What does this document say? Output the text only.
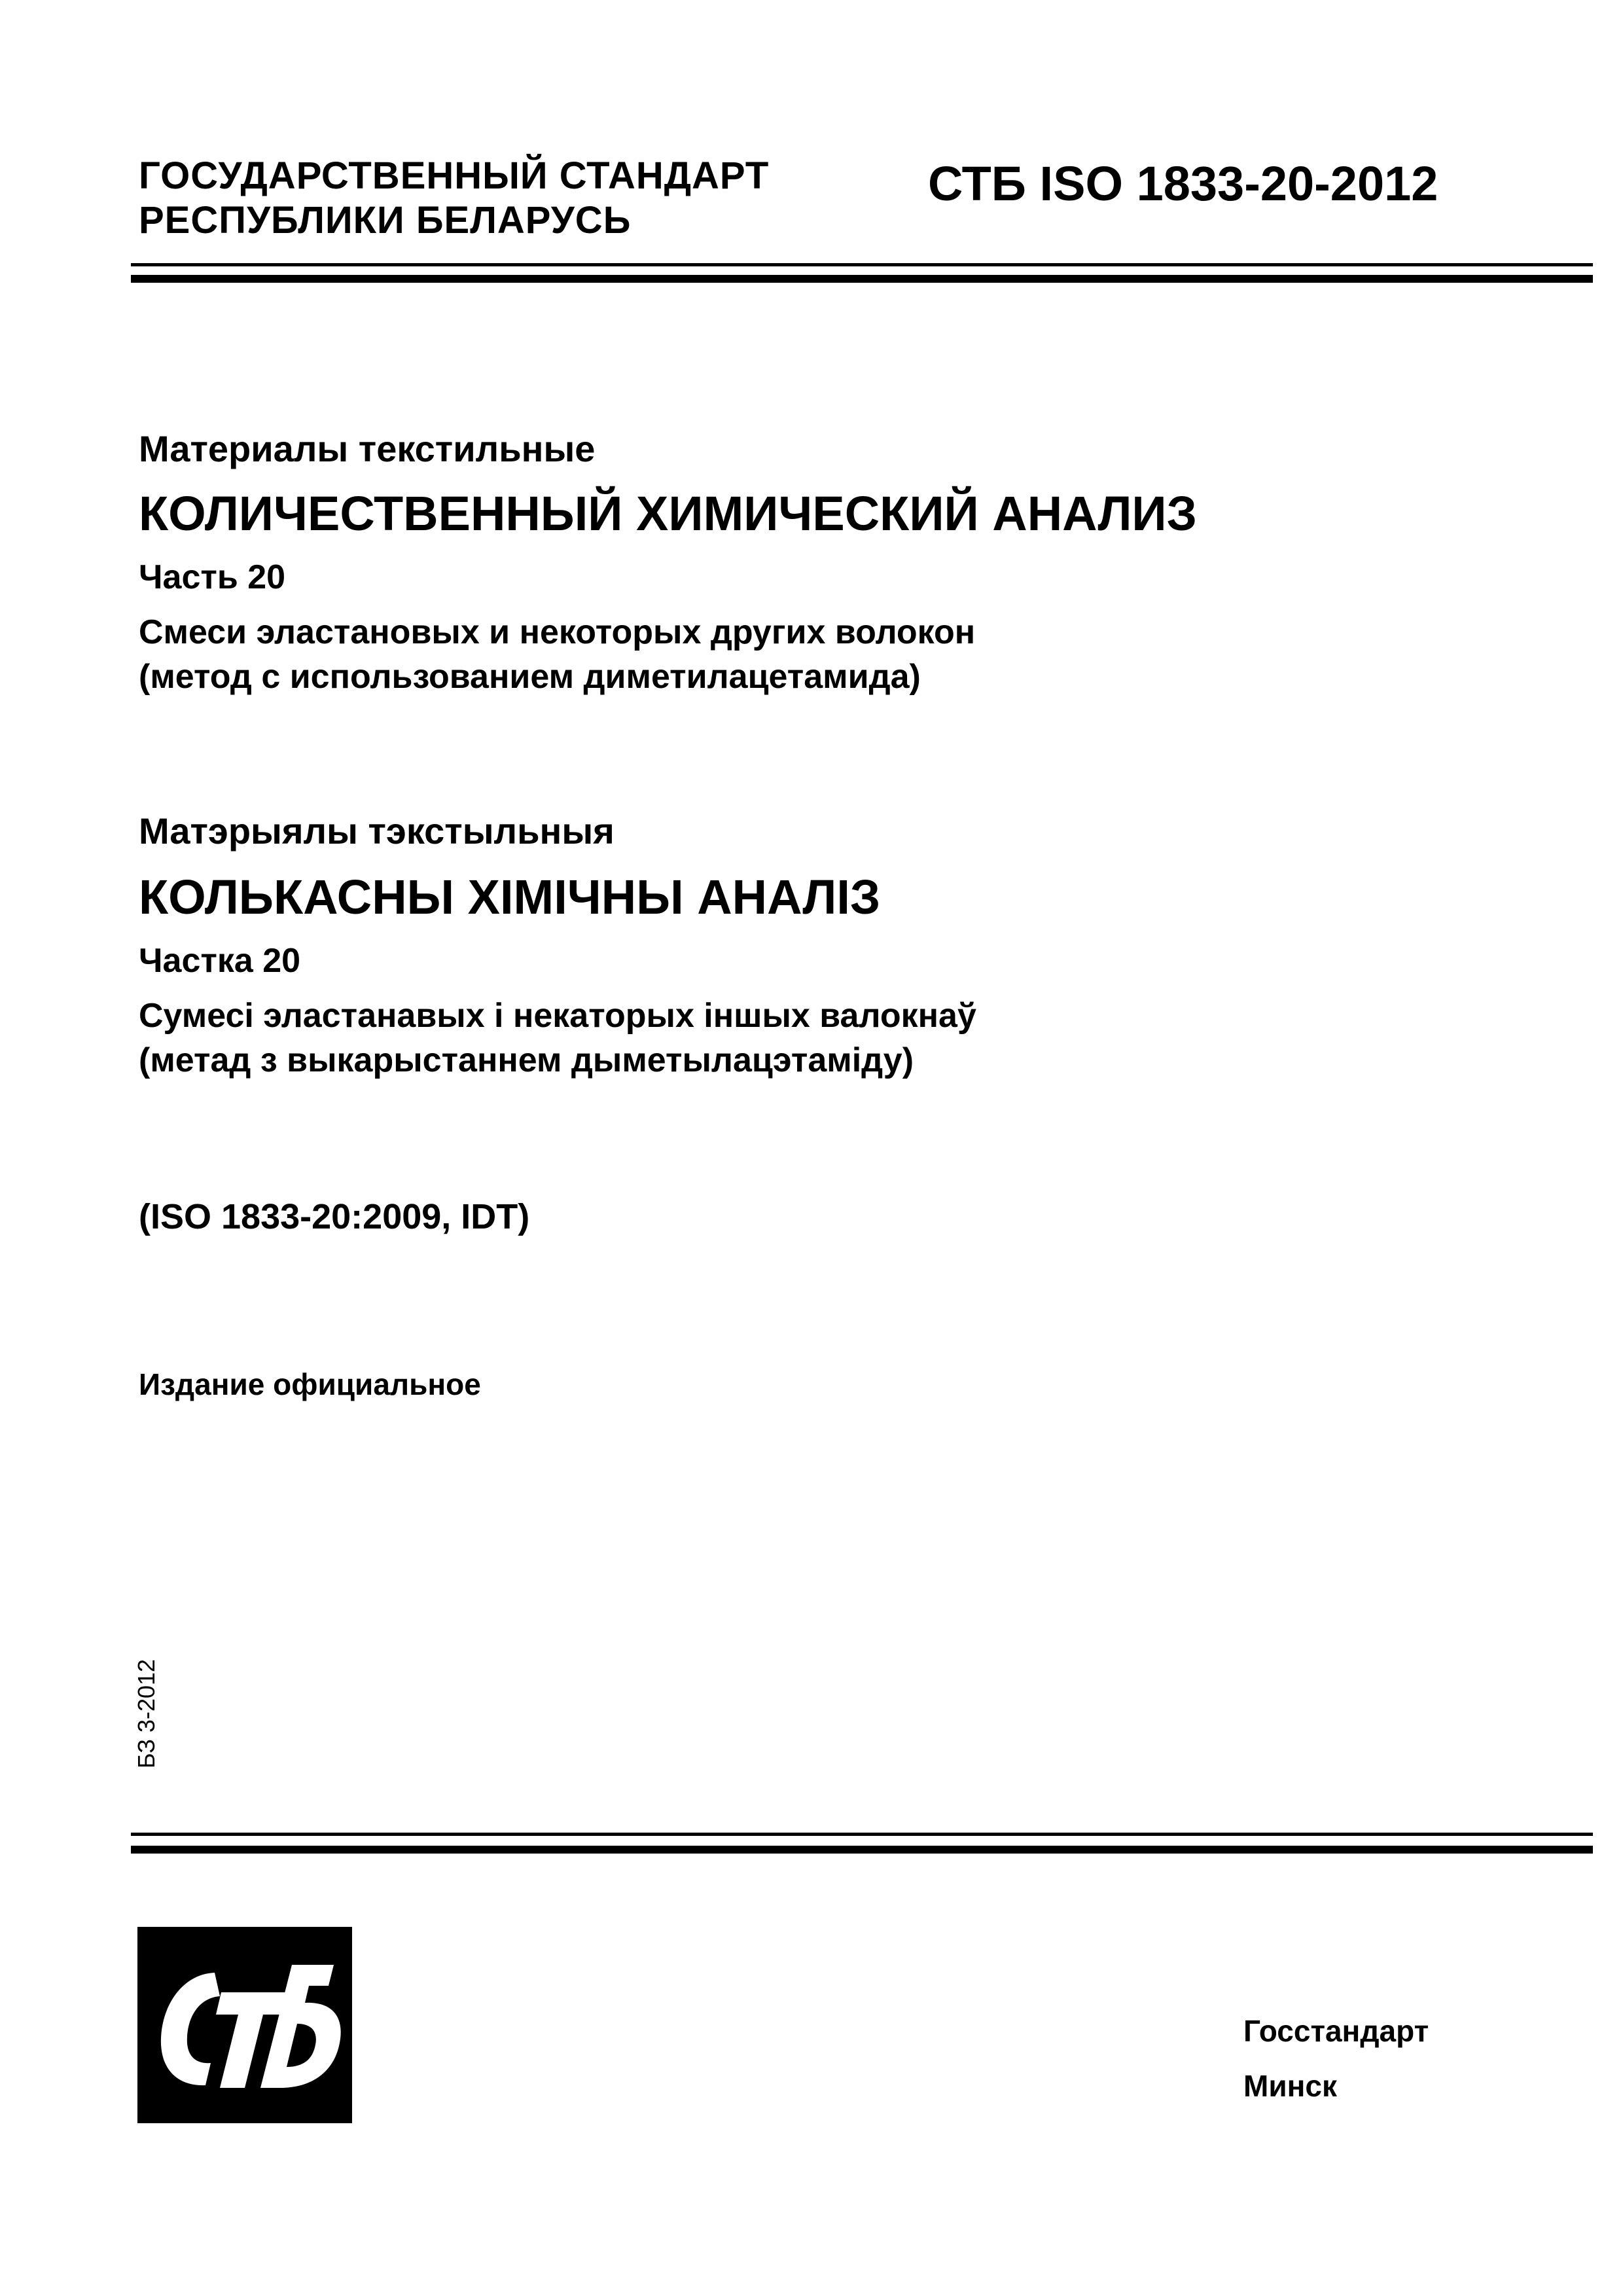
ГОСУДАРСТВЕННЫЙ СТАНДАРТ
РЕСПУБЛИКИ БЕЛАРУСЬ
СТБ ISO 1833-20-2012
Материалы текстильные
КОЛИЧЕСТВЕННЫЙ ХИМИЧЕСКИЙ АНАЛИЗ
Часть 20
Смеси эластановых и некоторых других волокон
(метод с использованием диметилацетамида)
Матэрыялы тэкстыльныя
КОЛЬКАСНЫ ХІМІЧНЫ АНАЛІЗ
Частка 20
Сумесі эластанавых і некаторых іншых валокнаў
(метад з выкарыстаннем дыметылацэтаміду)
(ISO 1833-20:2009, IDT)
Издание официальное
БЗ 3-2012
Госстандарт
Минск
